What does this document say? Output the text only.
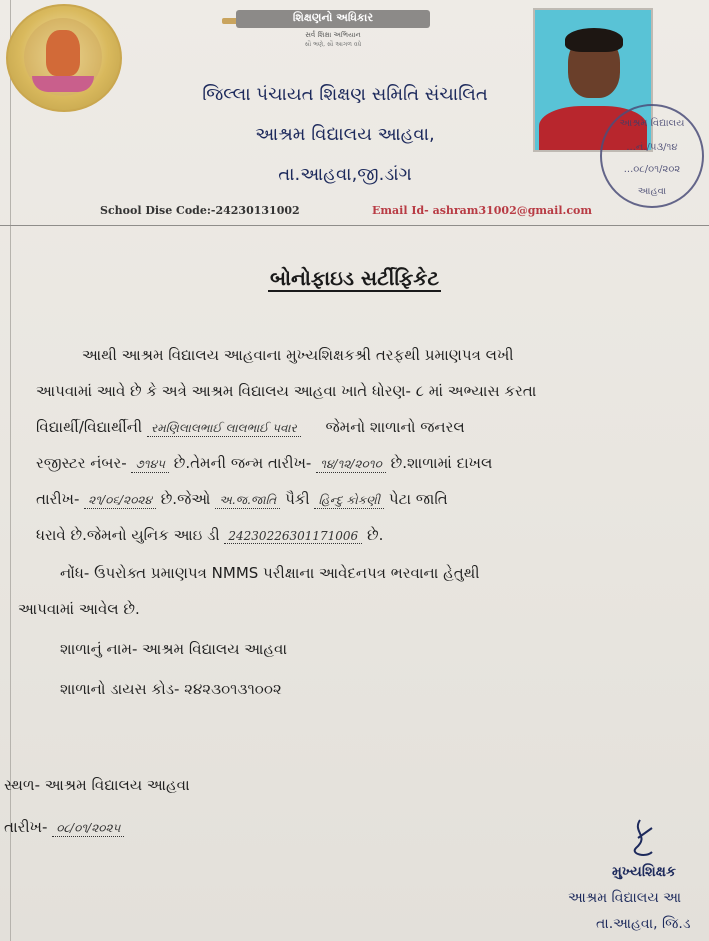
શિક્ષણનો અધિકાર
સર્વ શિક્ષા અભિયાન
સૌ ભણે, સૌ આગળ વધે
આશ્રમ વિદ્યાલય
...નં./૫૩/૧૪
...૦૮/૦૧/૨૦૨
આહવા
જિલ્લા પંચાયત શિક્ષણ સમિતિ સંચાલિત
આશ્રમ વિદ્યાલય આહવા,
તા.આહવા,જી.ડાંગ
School Dise Code:-24230131002	Email Id- ashram31002@gmail.com
બોનોફાઇડ સર્ટીફિકેટ
આથી આશ્રમ વિદ્યાલય આહવાના મુખ્યશિક્ષકશ્રી તરફથી પ્રમાણપત્ર લખી
આપવામાં આવે છે કે અત્રે આશ્રમ વિદ્યાલય આહવા ખાતે ધોરણ- ૮ માં અભ્યાસ કરતા
વિદ્યાર્થી/વિદ્યાર્થીની રમણિલાલભાઈ લાલભાઈ પવાર જેમનો શાળાનો જનરલ
રજીસ્ટર નંબર- ૭૧૪૫ છે.તેમની જન્મ તારીખ- ૧૪/૧૨/૨૦૧૦ છે.શાળામાં દાખલ
તારીખ- ૨૧/૦૬/૨૦૨૪ છે.જેઓ અ.જ.જાતિ પૈકી હિન્દુ કોકણી પેટા જાતિ
ધરાવે છે.જેમનો યુનિક આઇ ડી 24230226301171006 છે.
નોંધ- ઉપરોક્ત પ્રમાણપત્ર NMMS પરીક્ષાના આવેદનપત્ર ભરવાના હેતુથી
આપવામાં આવેલ છે.
શાળાનું નામ- આશ્રમ વિદ્યાલય આહવા
શાળાનો ડાયસ કોડ- ૨૪૨૩૦૧૩૧૦૦૨
સ્થળ- આશ્રમ વિદ્યાલય આહવા
તારીખ- ૦૮/૦૧/૨૦૨૫
મુખ્યશિક્ષક
આશ્રમ વિદ્યાલય આ
તા.આહવા, જિ.ડ
